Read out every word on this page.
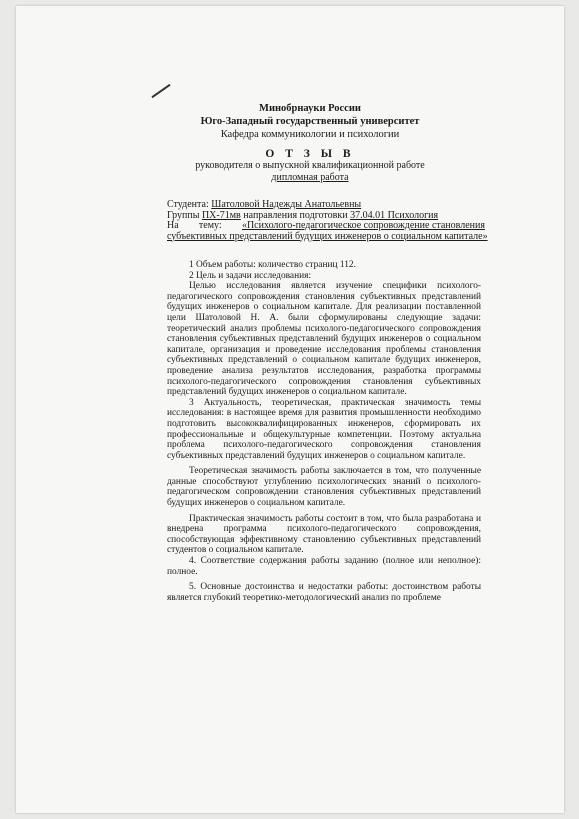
Минобрнауки России
Юго-Западный государственный университет
Кафедра коммуникологии и психологии
О Т З Ы В
руководителя о выпускной квалификационной работе
дипломная работа
Студента: Шатоловой Надежды Анатольевны
Группы ПХ-71мв направления подготовки 37.04.01 Психология
На тему: «Психолого-педагогическое сопровождение становления
субъективных представлений будущих инженеров о социальном капитале»

1 Объем работы: количество страниц 112.

2 Цель и задачи исследования:

Целью исследования является изучение специфики психолого-педагогического сопровождения становления субъективных представлений будущих инженеров о социальном капитале. Для реализации поставленной цели Шатоловой Н. А. были сформулированы следующие задачи: теоретический анализ проблемы психолого-педагогического сопровождения становления субъективных представлений будущих инженеров о социальном капитале, организация и проведение исследования проблемы становления субъективных представлений о социальном капитале будущих инженеров, проведение анализа результатов исследования, разработка программы психолого-педагогического сопровождения становления субъективных представлений будущих инженеров о социальном капитале.

3 Актуальность, теоретическая, практическая значимость темы исследования: в настоящее время для развития промышленности необходимо подготовить высококвалифицированных инженеров, сформировать их профессиональные и общекультурные компетенции. Поэтому актуальна проблема психолого-педагогического сопровождения становления субъективных представлений будущих инженеров о социальном капитале.

Теоретическая значимость работы заключается в том, что полученные данные способствуют углублению психологических знаний о психолого-педагогическом сопровождении становления субъективных представлений будущих инженеров о социальном капитале.

Практическая значимость работы состоит в том, что была разработана и внедрена программа психолого-педагогического сопровождения, способствующая эффективному становлению субъективных представлений студентов о социальном капитале.

4. Соответствие содержания работы заданию (полное или неполное): полное.

5. Основные достоинства и недостатки работы: достоинством работы является глубокий теоретико-методологический анализ по проблеме
